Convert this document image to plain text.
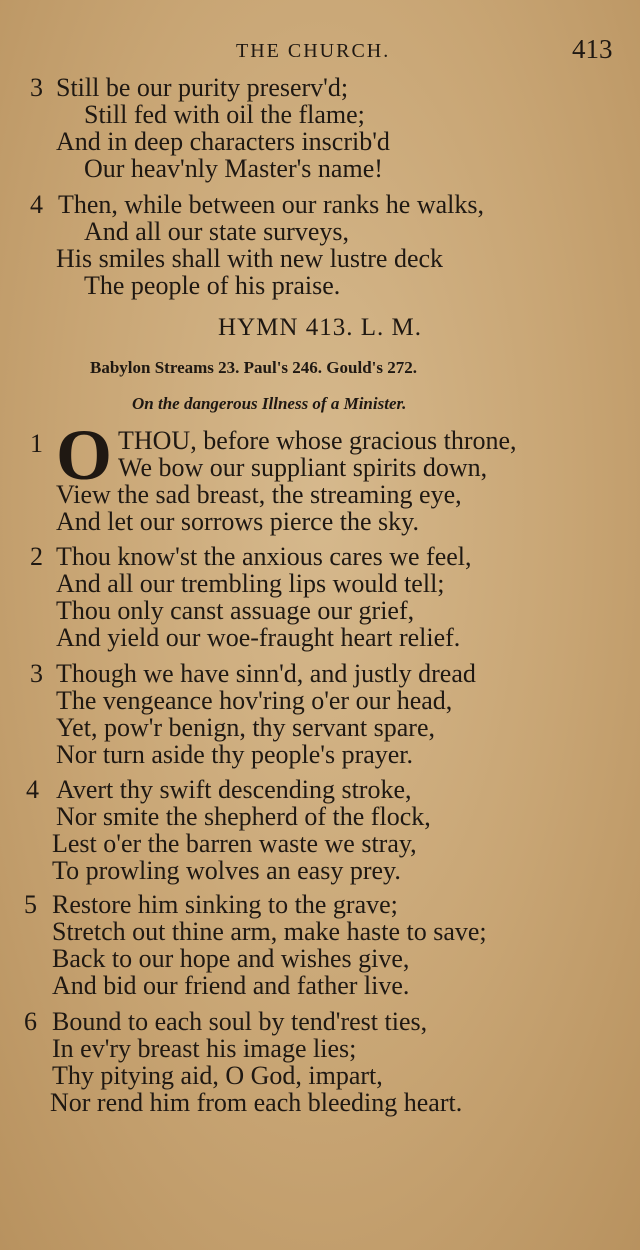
THE CHURCH.	413
3 Still be our purity preserv'd;
Still fed with oil the flame;
And in deep characters inscrib'd
Our heav'nly Master's name!
4 Then, while between our ranks he walks,
And all our state surveys,
His smiles shall with new lustre deck
The people of his praise.
HYMN 413. L. M.
Babylon Streams 23. Paul's 246. Gould's 272.
On the dangerous Illness of a Minister.
1 O THOU, before whose gracious throne,
We bow our suppliant spirits down,
View the sad breast, the streaming eye,
And let our sorrows pierce the sky.
2 Thou know'st the anxious cares we feel,
And all our trembling lips would tell;
Thou only canst assuage our grief,
And yield our woe-fraught heart relief.
3 Though we have sinn'd, and justly dread
The vengeance hov'ring o'er our head,
Yet, pow'r benign, thy servant spare,
Nor turn aside thy people's prayer.
4 Avert thy swift descending stroke,
Nor smite the shepherd of the flock,
Lest o'er the barren waste we stray,
To prowling wolves an easy prey.
5 Restore him sinking to the grave;
Stretch out thine arm, make haste to save;
Back to our hope and wishes give,
And bid our friend and father live.
6 Bound to each soul by tend'rest ties,
In ev'ry breast his image lies;
Thy pitying aid, O God, impart,
Nor rend him from each bleeding heart.
